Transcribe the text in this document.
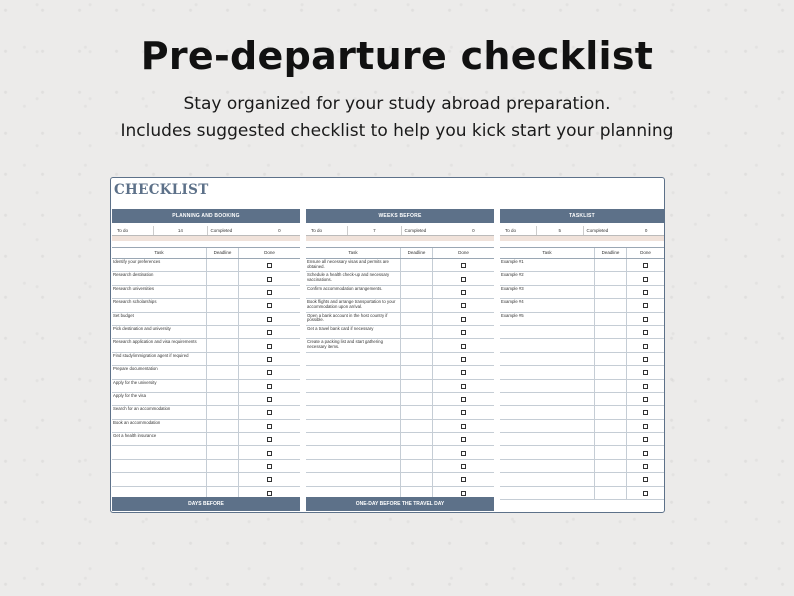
Pre-departure checklist
Stay organized for your study abroad preparation.
Includes suggested checklist to help you kick start your planning
CHECKLIST
PLANNING AND BOOKING
To do	14	Completed	0
Task	Deadline	Done
Identify your preferences
Research destination
Research universities
Research scholarships
Set budget
Pick destination and university
Research application and visa requirements
Find study/immigration agent if required
Prepare documentation
Apply for the university
Apply for the visa
Search for an accommodation
Book an accommodation
Get a health insurance
WEEKS BEFORE
To do	7	Completed	0
Task	Deadline	Done
Ensure all necessary visas and permits are obtained.
Schedule a health check-up and necessary vaccinations.
Confirm accommodation arrangements.
Book flights and arrange transportation to your accommodation upon arrival.
Open a bank account in the host country if possible.
Get a travel bank card if necessary
Create a packing list and start gathering necessary items.
TASKLIST
To do	5	Completed	0
Task	Deadline	Done
Example #1
Example #2
Example #3
Example #4
Example #5
DAYS BEFORE	ONE-DAY BEFORE THE TRAVEL DAY
